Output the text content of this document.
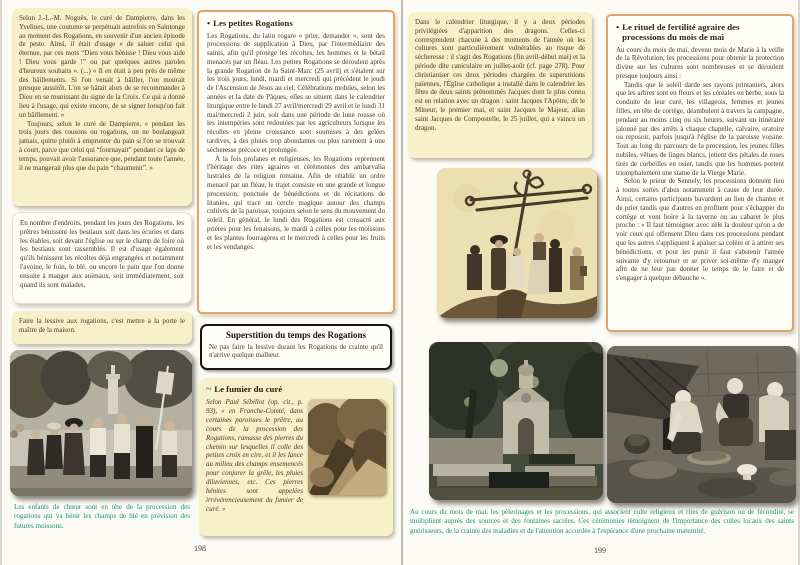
Selon J.-L.-M. Noguès, le curé de Dampierre, dans les Yvelines, une coutume se perpétuait autrefois en Saintonge au moment des Rogations, en souvenir d'un ancien épisode de peste. Ainsi, il était d'usage « de saluer celui qui éternue, par ces mots “Dieu vous bénisse ! Dieu vous aide ! Dieu vous garde !” ou par quelques autres paroles d'heureux souhaits ». (...) « Il en était à peu près de même des bâillements. Si l'on venait à bâiller, l'on mourait presque aussitôt. L'on se hâtait alors de se recommander à Dieu en se munissant du signe de la Croix. Ce qui a donné lieu à l'usage, qui existe encore, de se signer lorsqu'on fait un bâillement. »

Toujours, selon le curé de Dampierre, « pendant les trois jours des rousons ou rogations, on ne boulangeait jamais, quitte plutôt à emprunter du pain si l'on se trouvait à court, parce que celui qui “fournayait” pendant ce laps de temps, pouvait avoir l'assurance que, pendant toute l'année, il ne mangerait plus que du pain “chaumenit”. »

En nombre d'endroits, pendant les jours des Rogations, les prêtres bénissent les bestiaux soit dans les écuries et dans les étables, soit devant l'église ou sur le champ de foire où les bestiaux sont rassemblés. Il est d'usage également qu'ils bénissent les récoltes déjà engrangées et notamment l'avoine, le foin, le blé, ou encore le pain que l'on donne ensuite à manger aux animaux, soit immédiatement, soit quand ils sont malades.

Faire la lessive aux rogations, c'est mettre à la porte le maître de la maison.

Les enfants de chœur sont en tête de la procession des rogations qui va bénir les champs de blé en prévision des futures moissons.

• Les petites Rogations

Les Rogations, du latin rogare « prier, demander », sont des processions de supplication à Dieu, par l'intermédiaire des saints, afin qu'il protège les récoltes, les hommes et le bétail menacés par un fléau. Les petites Rogations se déroulent après la grande Rogation de la Saint-Marc (25 avril) et s'étalent sur les trois jours, lundi, mardi et mercredi qui précèdent le jeudi de l'Ascension de Jésus au ciel. Célébrations mobiles, selon les années et la date de Pâques, elles se situent dans le calendrier liturgique entre le lundi 27 avril/mercredi 29 avril et le lundi 31 mai/mercredi 2 juin, soit dans une période de lune rousse où les intempéries sont redoutées par les agriculteurs lorsque les récoltes en pleine croissance sont soumises à des gelées tardives, à des pluies trop abondantes ou plus rarement à une sécheresse précoce et prolongée.

À la fois profanes et religieuses, les Rogations reprennent l'héritage des rites agraires et cérémonies des ambarvalia lustrales de la religion romaine. Afin de rétablir un ordre menacé par un fléau, le trajet consiste en une grande et longue procession, ponctuée de bénédictions et de récitations de litanies, qui trace un cercle magique autour des champs cultivés de la paroisse, toujours selon le sens du mouvement du soleil. En général, le lundi des Rogations est consacré aux prières pour les fenaisons, le mardi à celles pour les moissons et les plantes fourragères et le mercredi à celles pour les fruits et les vendanges.

Superstition du temps des Rogations

Ne pas faire la lessive durant les Rogations de crainte qu'il n'arrive quelque malheur.

~ Le fumier du curé
Selon Paul Sébillot (op. cit., p. 93), « en Franche-Comté, dans certaines paroisses le prêtre, au cours de la procession des Rogations, ramasse des pierres du chemin sur lesquelles il colle des petites croix en cire, et il les lance au milieu des champs ensemencés pour conjurer la grêle, les pluies diluviennes, etc. Ces pierres bénites sont appelées irrévérencieusement du fumier de curé. »
198

Dans le calendrier liturgique, il y a deux périodes privilégiées d'apparition des dragons. Celles-ci correspondent chacune à des moments de l'année où les cultures sont particulièrement vulnérables au risque de sécheresse : il s'agit des Rogations (fin avril-début mai) et la période dite caniculaire en juillet-août (cf. page 278). Pour christianiser ces deux périodes chargées de superstitions païennes, l'Église catholique a installé dans le calendrier les fêtes de deux saints prénommés Jacques dont le plus connu est en relation avec un dragon : saint Jacques l'Apôtre, dit le Mineur, le premier mai, et saint Jacques le Majeur, alias saint Jacques de Compostelle, le 25 juillet, qui a vaincu un dragon.

• Le rituel de fertilité agraire des processions du mois de mai

Au cours du mois de mai, devenu mois de Marie à la veille de la Révolution, les processions pour obtenir la protection divine sur les cultures sont nombreuses et se déroulent presque toujours ainsi :

Tandis que le soleil darde ses rayons printaniers, alors que les arbres sont en fleurs et les céréales en herbe, sous la conduite de leur curé, les villageois, femmes et jeunes filles, en tête de cortège, déambulent à travers la campagne, pendant au moins cinq ou six heures, suivant un itinéraire jalonné par des arrêts à chaque chapelle, calvaire, oratoire ou reposoir, parfois jusqu'à l'église de la paroisse voisine. Tout au long du parcours de la procession, les jeunes filles nubiles, vêtues de linges blancs, jettent des pétales de roses tirés de corbeilles en osier, tandis que les hommes portent triomphalement une statue de la Vierge Marie.

Selon le prieur de Sennely, les processions donnent lieu à toutes sortes d'abus notamment à cause de leur durée. Ainsi, certains participants bavardent au lieu de chanter et de prier tandis que d'autres en profitent pour s'échapper du cortège et vont boire à la taverne ou au cabaret le plus proche : « Il faut témoigner avec zèle la douleur qu'on a de voir ceux qui offensent Dieu dans ces processions pendant que les autres s'appliquent à apaiser sa colère et à attirer ses bénédictions, et pour les punir il faut s'abstenir l'année suivante d'y retourner et se priver soi-même d'y manger afin de ne leur pas donner le temps de le faire et de s'engager à quelque débauche ».

Au cours du mois de mai, les pèlerinages et les processions, qui associent culte religieux et rites de guérison ou de fécondité, se multiplient auprès des sources et des fontaines sacrées. Ces cérémonies témoignent de l'importance des cultes locaux des saints guérisseurs, de la crainte des maladies et de l'attention accordée à l'espérance d'une prochaine maternité.

199
